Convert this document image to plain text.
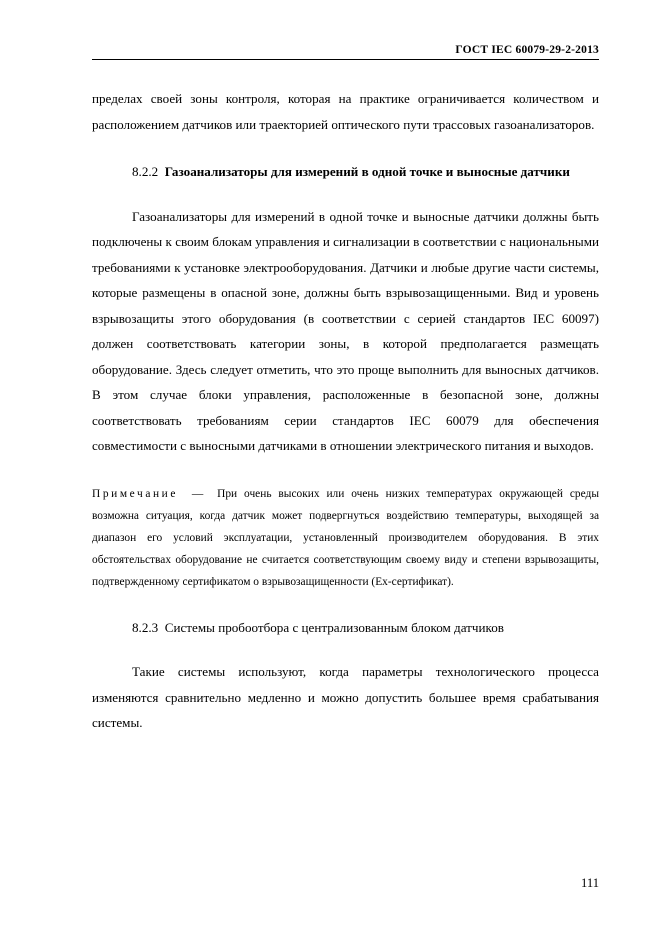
ГОСТ IEC 60079-29-2-2013

пределах своей зоны контроля, которая на практике ограничивается количеством и расположением датчиков или траекторией оптического пути трассовых газоанализаторов.

8.2.2 Газоанализаторы для измерений в одной точке и выносные датчики

Газоанализаторы для измерений в одной точке и выносные датчики должны быть подключены к своим блокам управления и сигнализации в соответствии с национальными требованиями к установке электрооборудования. Датчики и любые другие части системы, которые размещены в опасной зоне, должны быть взрывозащищенными. Вид и уровень взрывозащиты этого оборудования (в соответствии с серией стандартов IEC 60097) должен соответствовать категории зоны, в которой предполагается размещать оборудование. Здесь следует отметить, что это проще выполнить для выносных датчиков. В этом случае блоки управления, расположенные в безопасной зоне, должны соответствовать требованиям серии стандартов IEC 60079 для обеспечения совместимости с выносными датчиками в отношении электрического питания и выходов.

Примечание — При очень высоких или очень низких температурах окружающей среды возможна ситуация, когда датчик может подвергнуться воздействию температуры, выходящей за диапазон его условий эксплуатации, установленный производителем оборудования. В этих обстоятельствах оборудование не считается соответствующим своему виду и степени взрывозащиты, подтвержденному сертификатом о взрывозащищенности (Ex-сертификат).

8.2.3 Системы пробоотбора с централизованным блоком датчиков

Такие системы используют, когда параметры технологического процесса изменяются сравнительно медленно и можно допустить большее время срабатывания системы.

111
